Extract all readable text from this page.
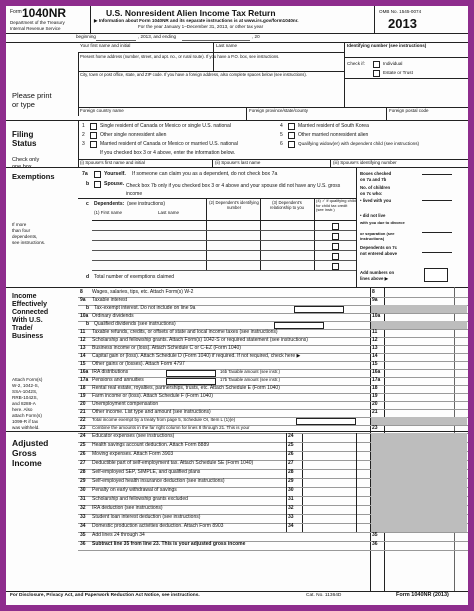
Form 1040NR
Department of the Treasury
Internal Revenue Service
U.S. Nonresident Alien Income Tax Return
▶ Information about Form 1040NR and its separate instructions is at www.irs.gov/form1040nr.
For the year January 1–December 31, 2013, or other tax year
OMB No. 1545-0074
2013
beginning	, 2013, and ending	, 20
Your first name and initial	Last name	Identifying number (see instructions)
Present home address (number, street, and apt. no., or rural route). If you have a P.O. box, see instructions.
Check if:	Individual
Estate or Trust
Please print
or type
City, town or post office, state, and ZIP code. If you have a foreign address, also complete spaces below (see instructions).
Foreign country name	Foreign province/state/county	Foreign postal code
Filing
Status
Check only
1	Single resident of Canada or Mexico or single U.S. national
2	Other single nonresident alien
3	Married resident of Canada or Mexico or married U.S. national
4	Married resident of South Korea
5	Other married nonresident alien
6	Qualifying widow(er) with dependent child (see instructions)
If you checked box 3 or 4 above, enter the information below.
(i) Spouse's first name and initial	(ii) Spouse's last name	(iii) Spouse's identifying number
Exemptions
If more
than four
dependents,
see instructions.
7a	Yourself. If someone can claim you as a dependent, do not check box 7a
b	Spouse. Check box 7b only if you checked box 3 or 4 above and your spouse did not have any U.S. gross income
c Dependents: (see instructions)
(1) First name	Last name
(2) Dependent's identifying number
(3) Dependent's relationship to you
(4) ✓ if qualifying child for child tax credit (see instr.)
d Total number of exemptions claimed
Boxes checked
on 7a and 7b
No. of children
on 7c who:
• lived with you
• did not live
with you due to divorce
or separation (see instructions)
Dependents on 7c
not entered above
Add numbers on
lines above ▶
Income
Effectively
Connected
With U.S.
Trade/
Business
Attach Form(s)
W-2, 1042-S,
SSA-1042S,
RRB-1042S,
and 8288-A
here. Also
attach Form(s)
1099-R if tax
was withheld.
Adjusted
Gross
Income
For Disclosure, Privacy Act, and Paperwork Reduction Act Notice, see instructions.	Cat. No. 11364D	Form 1040NR (2013)
8 Wages, salaries, tips, etc. Attach Form(s) W-2	8
9a Taxable interest	9a
b Tax-exempt interest. Do not include on line 9a
10a Ordinary dividends	10a
b Qualified dividends (see instructions)
11 Taxable refunds, credits, or offsets of state and local income taxes (see instructions)	11
12 Scholarship and fellowship grants. Attach Form(s) 1042-S or required statement (see instructions)	12
13 Business income or (loss). Attach Schedule C or C-EZ (Form 1040)	13
14 Capital gain or (loss). Attach Schedule D (Form 1040) if required. If not required, check here ▶	14
15 Other gains or (losses). Attach Form 4797	15
16a IRA distributions	16a
17a Pensions and annuities	17a
18 Rental real estate, royalties, partnerships, trusts, etc. Attach Schedule E (Form 1040)	18
19 Farm income or (loss). Attach Schedule F (Form 1040)	19
20 Unemployment compensation	20
21 Other income. List type and amount (see instructions)	21
22 Total income exempt by a treaty from page 5, Schedule OI, Item L (1)(e)
23 Combine the amounts in the far right column for lines 8 through 21. This is your	23
16b Taxable amount (see instr.)
17b Taxable amount (see instr.)
24 Educator expenses (see instructions)	24
25 Health savings account deduction. Attach Form 8889	25
26 Moving expenses. Attach Form 3903	26
27 Deductible part of self-employment tax. Attach Schedule SE (Form 1040)	27
28 Self-employed SEP, SIMPLE, and qualified plans	28
29 Self-employed health insurance deduction (see instructions)	29
30 Penalty on early withdrawal of savings	30
31 Scholarship and fellowship grants excluded	31
32 IRA deduction (see instructions)	32
33 Student loan interest deduction (see instructions)	33
34 Domestic production activities deduction. Attach Form 8903	34
35 Add lines 24 through 34	35
36 Subtract line 35 from line 23. This is your adjusted gross income	36
